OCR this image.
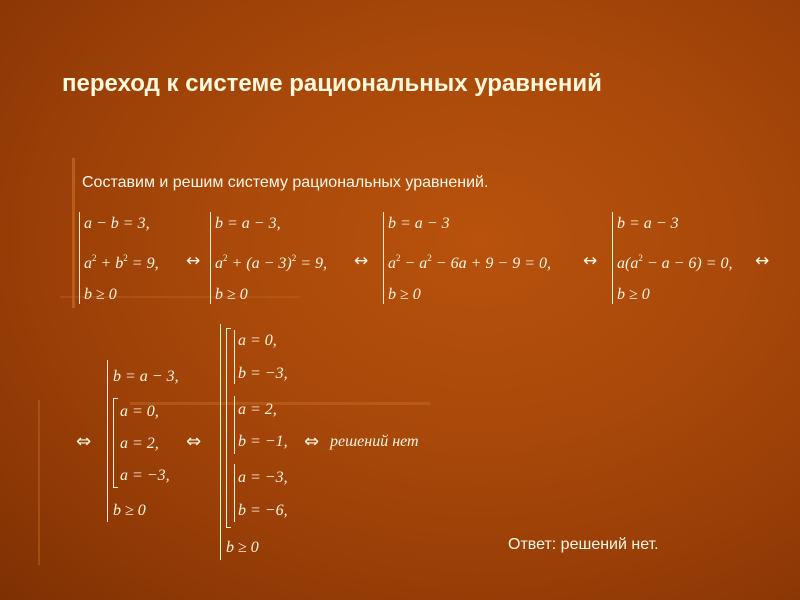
переход к системе рациональных уравнений
Составим и решим систему рациональных уравнений.
a − b = 3,
$a^2 + b^2 = 9$,
b ≥ 0
↔
b = a − 3,
$a^2 + (a - 3)^2 = 9$,
b ≥ 0
↔
b = a − 3
$a^2 - a^2 - 6a + 9 - 9 = 0$,
b ≥ 0
↔
b = a − 3
$a(a^2 - a - 6) = 0$,
b ≥ 0
↔
⇔
b = a − 3,
a = 0,
a = 2,
a = −3,
b ≥ 0
⇔
a = 0,
b = −3,
a = 2,
b = −1,
a = −3,
b = −6,
b ≥ 0
⇔ решений нет
Ответ: решений нет.
